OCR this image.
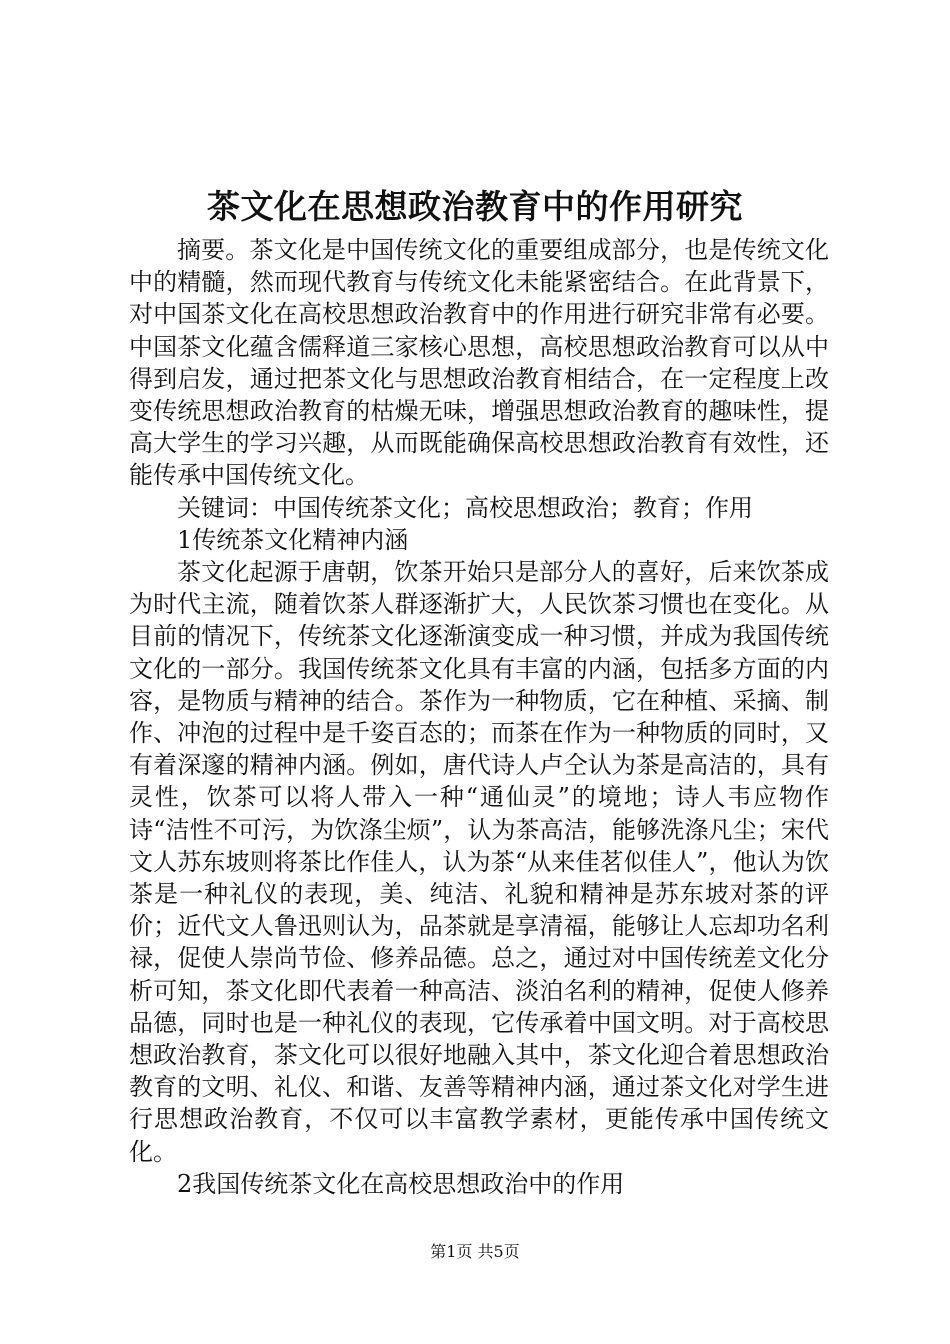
茶文化在思想政治教育中的作用研究

摘要。茶文化是中国传统文化的重要组成部分，也是传统文化中的精髓，然而现代教育与传统文化未能紧密结合。在此背景下，对中国茶文化在高校思想政治教育中的作用进行研究非常有必要。中国茶文化蕴含儒释道三家核心思想，高校思想政治教育可以从中得到启发，通过把茶文化与思想政治教育相结合，在一定程度上改变传统思想政治教育的枯燥无味，增强思想政治教育的趣味性，提高大学生的学习兴趣，从而既能确保高校思想政治教育有效性，还能传承中国传统文化。

关键词：中国传统茶文化；高校思想政治；教育；作用

1传统茶文化精神内涵

茶文化起源于唐朝，饮茶开始只是部分人的喜好，后来饮茶成为时代主流，随着饮茶人群逐渐扩大，人民饮茶习惯也在变化。从目前的情况下，传统茶文化逐渐演变成一种习惯，并成为我国传统文化的一部分。我国传统茶文化具有丰富的内涵，包括多方面的内容，是物质与精神的结合。茶作为一种物质，它在种植、采摘、制作、冲泡的过程中是千姿百态的；而茶在作为一种物质的同时，又有着深邃的精神内涵。例如，唐代诗人卢仝认为茶是高洁的，具有灵性，饮茶可以将人带入一种“通仙灵”的境地；诗人韦应物作诗“洁性不可污，为饮涤尘烦”，认为茶高洁，能够洗涤凡尘；宋代文人苏东坡则将茶比作佳人，认为茶“从来佳茗似佳人”，他认为饮茶是一种礼仪的表现，美、纯洁、礼貌和精神是苏东坡对茶的评价；近代文人鲁迅则认为，品茶就是享清福，能够让人忘却功名利禄，促使人崇尚节俭、修养品德。总之，通过对中国传统差文化分析可知，茶文化即代表着一种高洁、淡泊名利的精神，促使人修养品德，同时也是一种礼仪的表现，它传承着中国文明。对于高校思想政治教育，茶文化可以很好地融入其中，茶文化迎合着思想政治教育的文明、礼仪、和谐、友善等精神内涵，通过茶文化对学生进行思想政治教育，不仅可以丰富教学素材，更能传承中国传统文化。

2我国传统茶文化在高校思想政治中的作用

第1页 共5页
